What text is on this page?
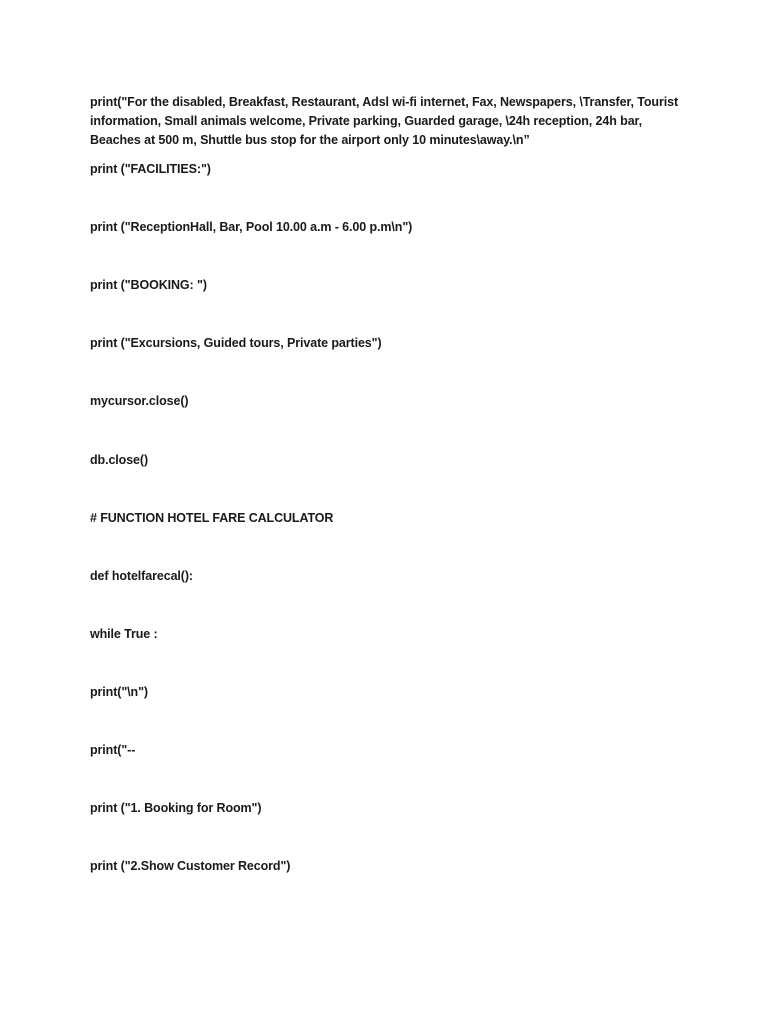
print("For the disabled, Breakfast, Restaurant, Adsl wi-fi internet, Fax, Newspapers, \Transfer, Tourist information, Small animals welcome, Private parking, Guarded garage, \24h reception, 24h bar, Beaches at 500 m, Shuttle bus stop for the airport only 10 minutes\away.\n”
print ("FACILITIES:")
print ("ReceptionHall, Bar, Pool 10.00 a.m - 6.00 p.m\n")
print ("BOOKING: ")
print ("Excursions, Guided tours, Private parties")
mycursor.close()
db.close()
# FUNCTION HOTEL FARE CALCULATOR
def hotelfarecal():
while True :
print("\n")
print("--
print ("1. Booking for Room")
print ("2.Show Customer Record")
